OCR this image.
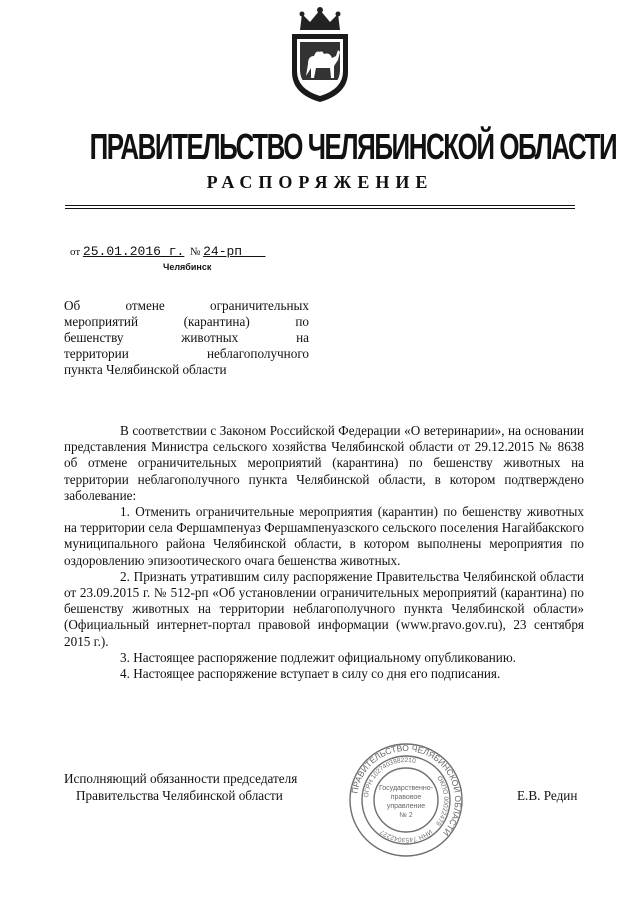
ПРАВИТЕЛЬСТВО ЧЕЛЯБИНСКОЙ ОБЛАСТИ
РАСПОРЯЖЕНИЕ
от 25.01.2016 г. № 24-рп
Челябинск
Об отмене ограничительных
мероприятий (карантина) по
бешенству животных на
территории неблагополучного
пункта Челябинской области

В соответствии с Законом Российской Федерации «О ветеринарии», на основании представления Министра сельского хозяйства Челябинской области от 29.12.2015 № 8638 об отмене ограничительных мероприятий (карантина) по бешенству животных на территории неблагополучного пункта Челябинской области, в котором подтверждено заболевание:

1. Отменить ограничительные мероприятия (карантин) по бешенству животных на территории села Фершампенуаз Фершампенуазского сельского поселения Нагайбакского муниципального района Челябинской области, в котором выполнены мероприятия по оздоровлению эпизоотического очага бешенства животных.

2. Признать утратившим силу распоряжение Правительства Челябинской области от 23.09.2015 г. № 512-рп «Об установлении ограничительных мероприятий (карантина) по бешенству животных на территории неблагополучного пункта Челябинской области» (Официальный интернет-портал правовой информации (www.pravo.gov.ru), 23 сентября 2015 г.).

3. Настоящее распоряжение подлежит официальному опубликованию.

4. Настоящее распоряжение вступает в силу со дня его подписания.

Исполняющий обязанности председателя
Правительства Челябинской области	Е.В. Редин
ПРАВИТЕЛЬСТВО ЧЕЛЯБИНСКОЙ ОБЛАСТИ
ОГРН 1027403882210
ОКПО 00022479
ИНН 7453042227
Государственно-
правовое
управление
№ 2
